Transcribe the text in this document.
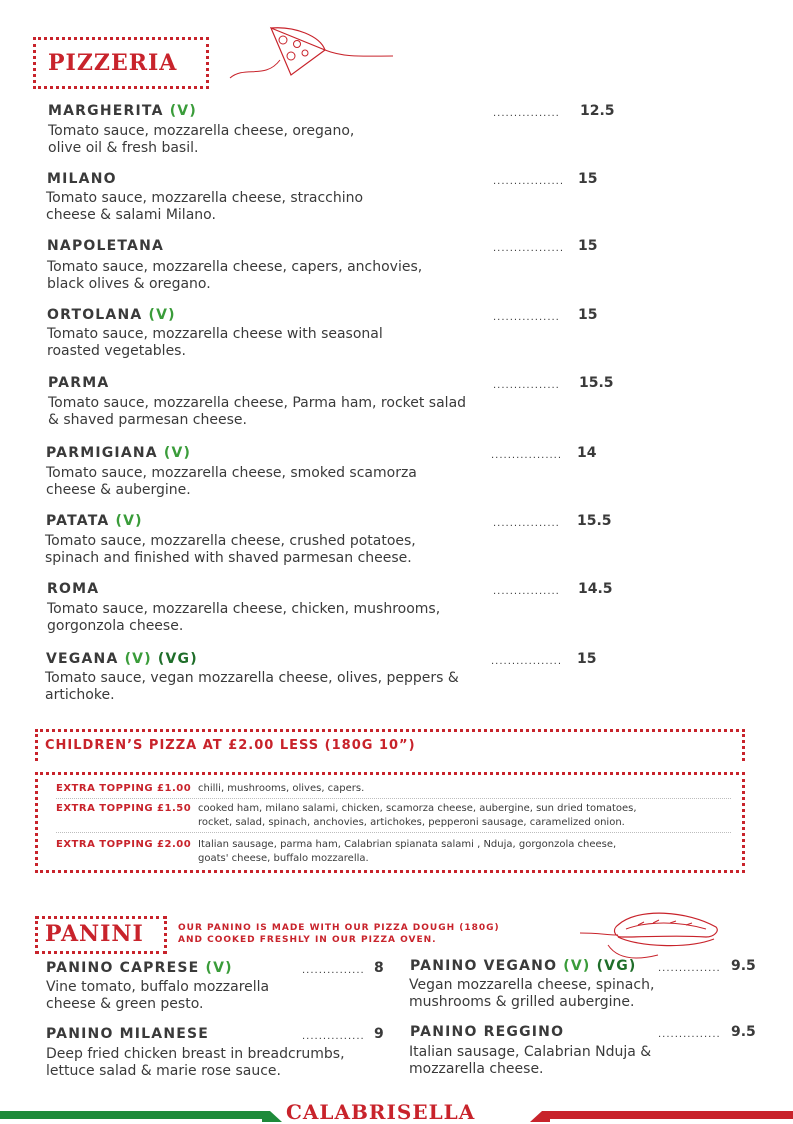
PIZZERIA
MARGHERITA (V)
Tomato sauce, mozzarella cheese, oregano,
olive oil & fresh basil.
................ 12.5
MILANO
Tomato sauce, mozzarella cheese, stracchino
cheese & salami Milano.
................. 15
NAPOLETANA
Tomato sauce, mozzarella cheese, capers, anchovies,
black olives & oregano.
................. 15
ORTOLANA (V)
Tomato sauce, mozzarella cheese with seasonal
roasted vegetables.
................ 15
PARMA
Tomato sauce, mozzarella cheese, Parma ham, rocket salad
& shaved parmesan cheese.
................ 15.5
PARMIGIANA (V)
Tomato sauce, mozzarella cheese, smoked scamorza
cheese & aubergine.
................. 14
PATATA (V)
Tomato sauce, mozzarella cheese, crushed potatoes,
spinach and finished with shaved parmesan cheese.
................ 15.5
ROMA
Tomato sauce, mozzarella cheese, chicken, mushrooms,
gorgonzola cheese.
................ 14.5
VEGANA (V) (VG)
Tomato sauce, vegan mozzarella cheese, olives, peppers &
artichoke.
................. 15
CHILDREN’S PIZZA AT £2.00 LESS (180G 10”)
EXTRA TOPPING £1.00 chilli, mushrooms, olives, capers.
EXTRA TOPPING £1.50 cooked ham, milano salami, chicken, scamorza cheese, aubergine, sun dried tomatoes,
rocket, salad, spinach, anchovies, artichokes, pepperoni sausage, caramelized onion.
EXTRA TOPPING £2.00 Italian sausage, parma ham, Calabrian spianata salami , Nduja, gorgonzola cheese,
goats' cheese, buffalo mozzarella.
PANINI	OUR PANINO IS MADE WITH OUR PIZZA DOUGH (180G)
AND COOKED FRESHLY IN OUR PIZZA OVEN.
PANINO CAPRESE (V)
Vine tomato, buffalo mozzarella
cheese & green pesto.
............... 8
PANINO MILANESE
Deep fried chicken breast in breadcrumbs,
lettuce salad & marie rose sauce.
............... 9
PANINO VEGANO (V) (VG)
Vegan mozzarella cheese, spinach,
mushrooms & grilled aubergine.
............... 9.5
PANINO REGGINO
Italian sausage, Calabrian Nduja &
mozzarella cheese.
............... 9.5
CALABRISELLA
